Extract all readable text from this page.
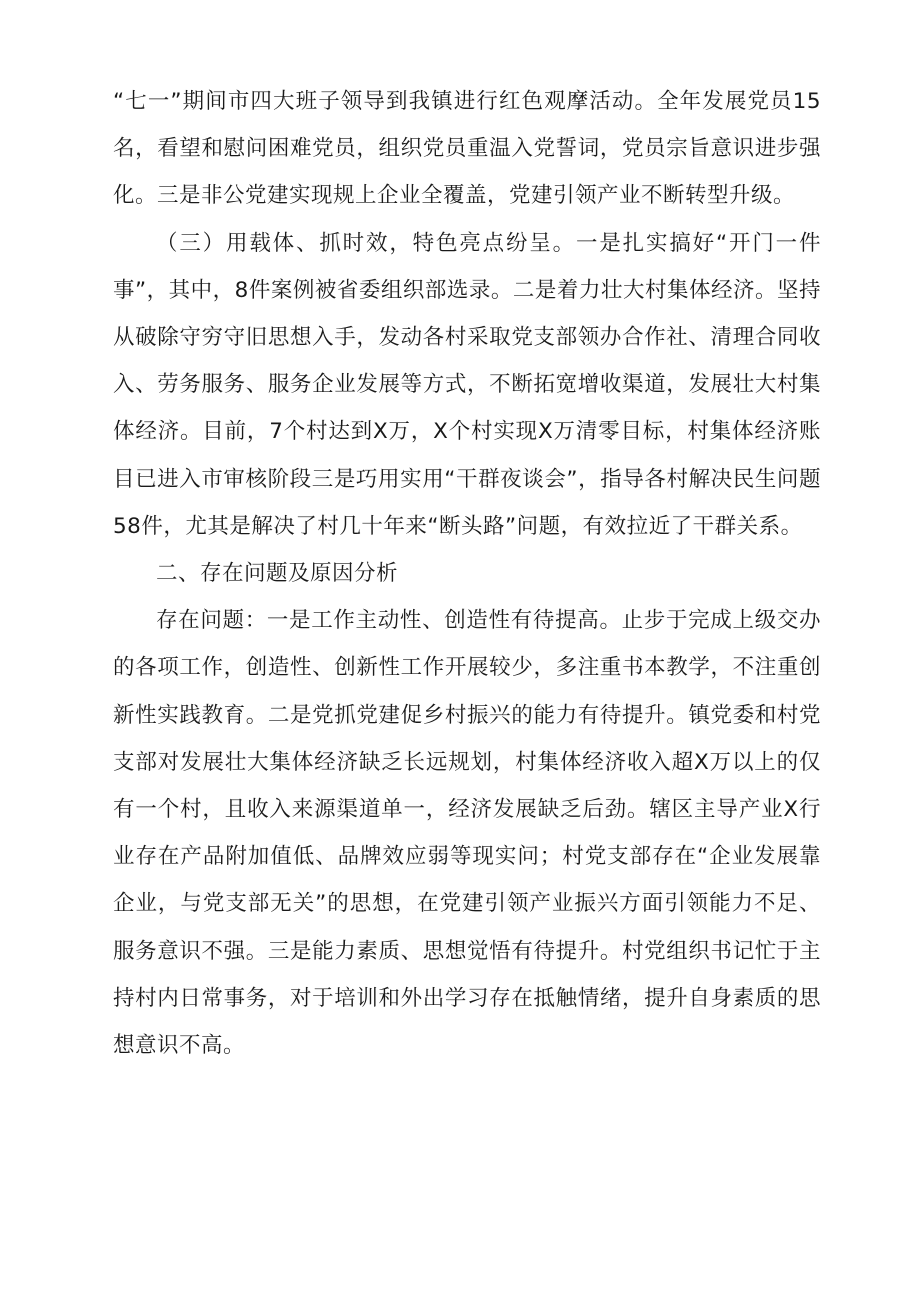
“七一”期间市四大班子领导到我镇进行红色观摩活动。全年发展党员15名，看望和慰问困难党员，组织党员重温入党誓词，党员宗旨意识进步强化。三是非公党建实现规上企业全覆盖，党建引领产业不断转型升级。

（三）用载体、抓时效，特色亮点纷呈。一是扎实搞好“开门一件事”，其中，8件案例被省委组织部选录。二是着力壮大村集体经济。坚持从破除守穷守旧思想入手，发动各村采取党支部领办合作社、清理合同收入、劳务服务、服务企业发展等方式，不断拓宽增收渠道，发展壮大村集体经济。目前，7个村达到X万，X个村实现X万清零目标，村集体经济账目已进入市审核阶段三是巧用实用“干群夜谈会”，指导各村解决民生问题58件，尤其是解决了村几十年来“断头路”问题，有效拉近了干群关系。

二、存在问题及原因分析

存在问题：一是工作主动性、创造性有待提高。止步于完成上级交办的各项工作，创造性、创新性工作开展较少，多注重书本教学，不注重创新性实践教育。二是党抓党建促乡村振兴的能力有待提升。镇党委和村党支部对发展壮大集体经济缺乏长远规划，村集体经济收入超X万以上的仅有一个村，且收入来源渠道单一，经济发展缺乏后劲。辖区主导产业X行业存在产品附加值低、品牌效应弱等现实问；村党支部存在“企业发展靠企业，与党支部无关”的思想，在党建引领产业振兴方面引领能力不足、服务意识不强。三是能力素质、思想觉悟有待提升。村党组织书记忙于主持村内日常事务，对于培训和外出学习存在抵触情绪，提升自身素质的思想意识不高。
